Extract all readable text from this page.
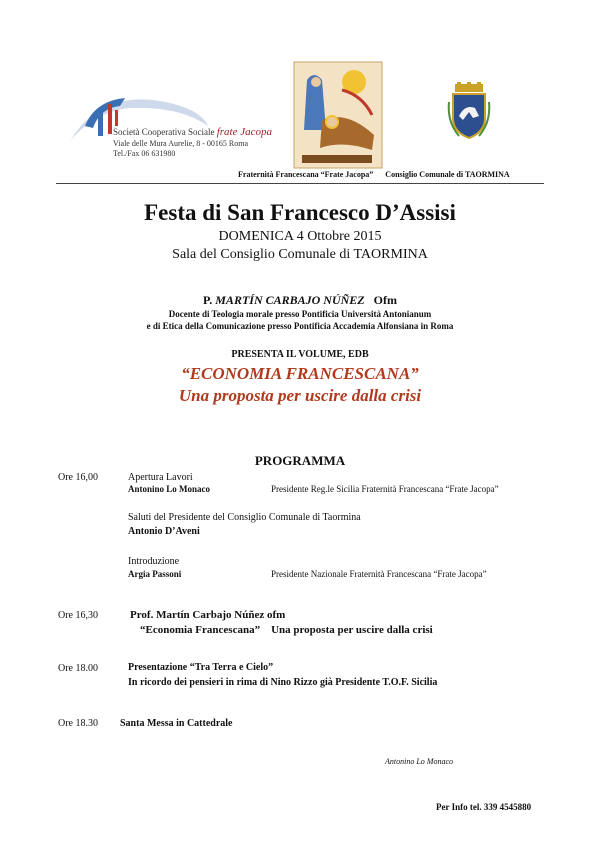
Società Cooperativa Sociale frate Jacopa
Viale delle Mura Aurelie, 8 - 00165 Roma
Tel./Fax 06 631980
Fraternità Francescana “Frate Jacopa” Consiglio Comunale di TAORMINA
Festa di San Francesco D’Assisi
DOMENICA 4 Ottobre 2015
Sala del Consiglio Comunale di TAORMINA
P. MARTÍN CARBAJO NÚÑEZ Ofm
Docente di Teologia morale presso Pontificia Università Antonianum
e di Etica della Comunicazione presso Pontificia Accademia Alfonsiana in Roma
PRESENTA IL VOLUME, EDB
“ECONOMIA FRANCESCANA”
Una proposta per uscire dalla crisi
PROGRAMMA
Ore 16,00	Apertura Lavori
Antonino Lo Monaco	Presidente Reg.le Sicilia Fraternità Francescana “Frate Jacopa”
Saluti del Presidente del Consiglio Comunale di Taormina
Antonio D’Aveni
Introduzione
Argia Passoni	Presidente Nazionale Fraternità Francescana “Frate Jacopa”
Ore 16,30	Prof. Martín Carbajo Núñez ofm
“Economia Francescana”    Una proposta per uscire dalla crisi
Ore 18.00	Presentazione “Tra Terra e Cielo”
In ricordo dei pensieri in rima di Nino Rizzo già Presidente T.O.F. Sicilia
Ore 18.30 Santa Messa in Cattedrale
Antonino Lo Monaco
Per Info tel. 339 4545880
